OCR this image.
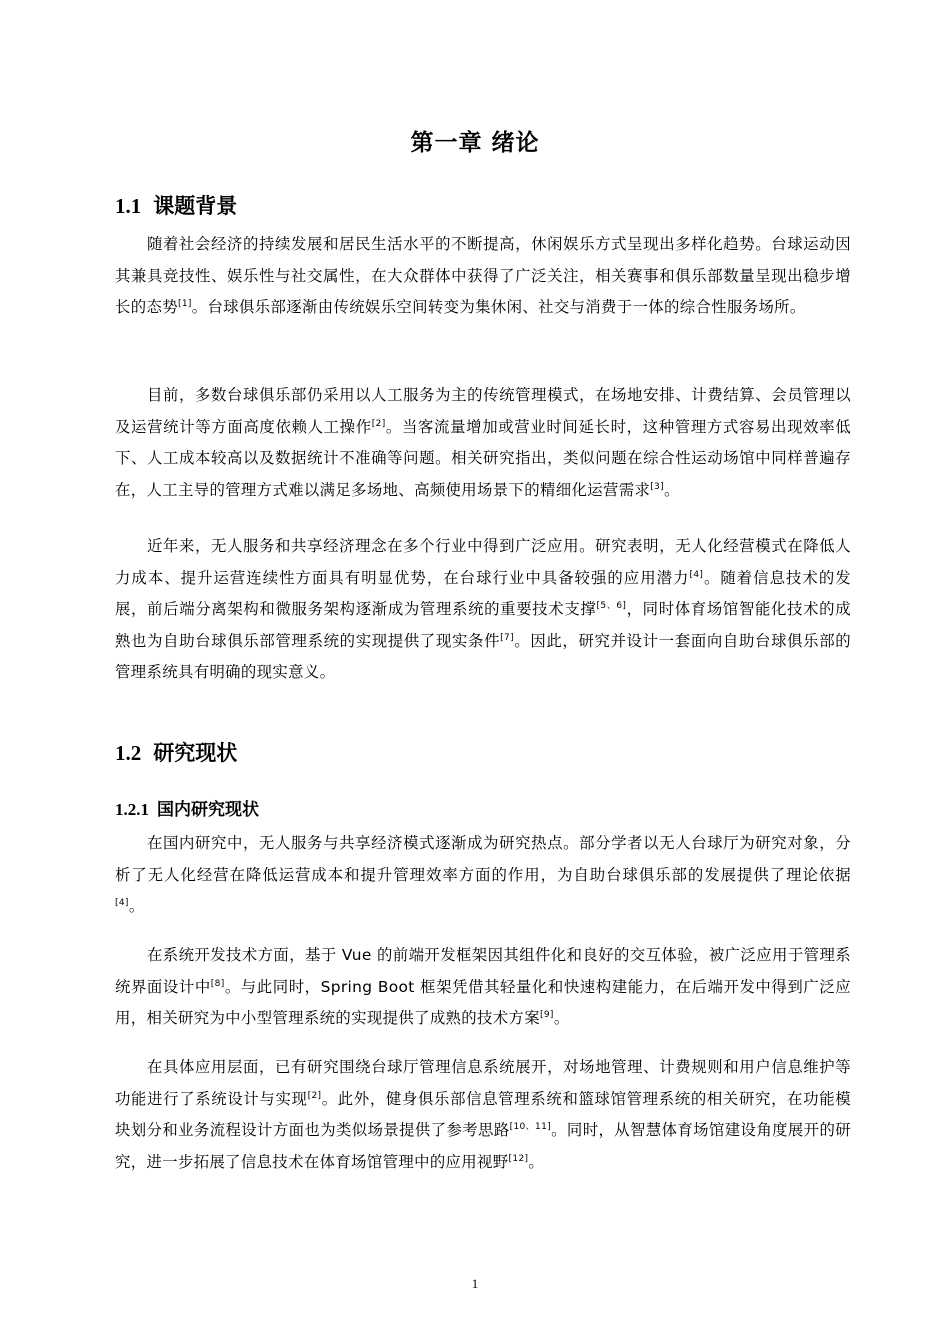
第一章 绪论
1.1 课题背景

随着社会经济的持续发展和居民生活水平的不断提高，休闲娱乐方式呈现出多样化趋势。台球运动因其兼具竞技性、娱乐性与社交属性，在大众群体中获得了广泛关注，相关赛事和俱乐部数量呈现出稳步增长的态势[1]。台球俱乐部逐渐由传统娱乐空间转变为集休闲、社交与消费于一体的综合性服务场所。

目前，多数台球俱乐部仍采用以人工服务为主的传统管理模式，在场地安排、计费结算、会员管理以及运营统计等方面高度依赖人工操作[2]。当客流量增加或营业时间延长时，这种管理方式容易出现效率低下、人工成本较高以及数据统计不准确等问题。相关研究指出，类似问题在综合性运动场馆中同样普遍存在，人工主导的管理方式难以满足多场地、高频使用场景下的精细化运营需求[3]。

近年来，无人服务和共享经济理念在多个行业中得到广泛应用。研究表明，无人化经营模式在降低人力成本、提升运营连续性方面具有明显优势，在台球行业中具备较强的应用潜力[4]。随着信息技术的发展，前后端分离架构和微服务架构逐渐成为管理系统的重要技术支撑[5、6]，同时体育场馆智能化技术的成熟也为自助台球俱乐部管理系统的实现提供了现实条件[7]。因此，研究并设计一套面向自助台球俱乐部的管理系统具有明确的现实意义。

1.2 研究现状
1.2.1 国内研究现状

在国内研究中，无人服务与共享经济模式逐渐成为研究热点。部分学者以无人台球厅为研究对象，分析了无人化经营在降低运营成本和提升管理效率方面的作用，为自助台球俱乐部的发展提供了理论依据[4]。

在系统开发技术方面，基于 Vue 的前端开发框架因其组件化和良好的交互体验，被广泛应用于管理系统界面设计中[8]。与此同时，Spring Boot 框架凭借其轻量化和快速构建能力，在后端开发中得到广泛应用，相关研究为中小型管理系统的实现提供了成熟的技术方案[9]。

在具体应用层面，已有研究围绕台球厅管理信息系统展开，对场地管理、计费规则和用户信息维护等功能进行了系统设计与实现[2]。此外，健身俱乐部信息管理系统和篮球馆管理系统的相关研究，在功能模块划分和业务流程设计方面也为类似场景提供了参考思路[10、11]。同时，从智慧体育场馆建设角度展开的研究，进一步拓展了信息技术在体育场馆管理中的应用视野[12]。

1
